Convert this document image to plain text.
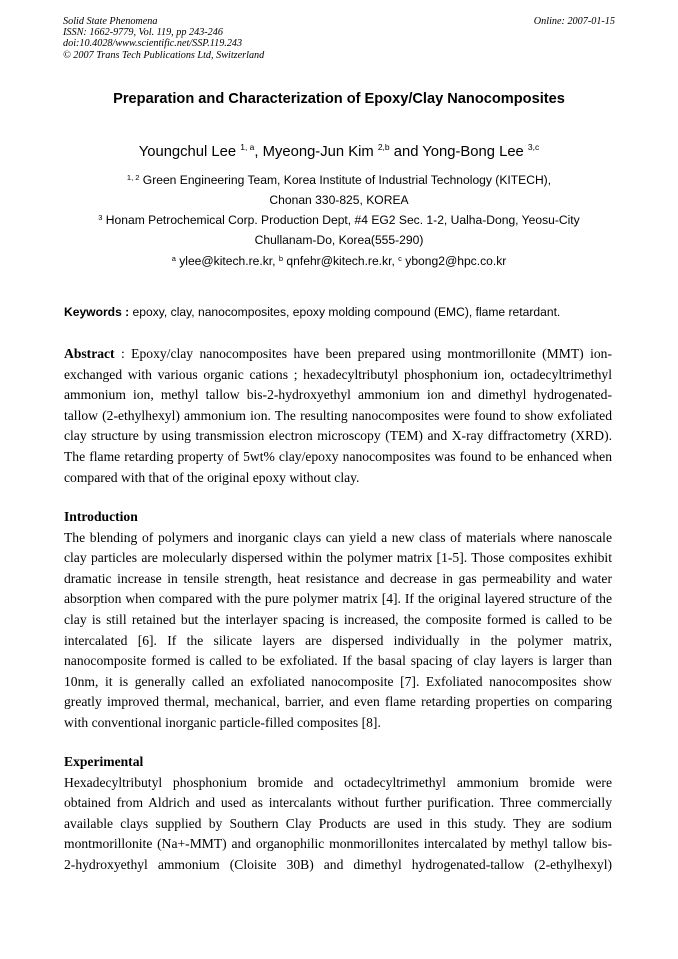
Solid State Phenomena
ISSN: 1662-9779, Vol. 119, pp 243-246
doi:10.4028/www.scientific.net/SSP.119.243
© 2007 Trans Tech Publications Ltd, Switzerland
Online: 2007-01-15
Preparation and Characterization of Epoxy/Clay Nanocomposites
Youngchul Lee $^{1, a}$, Myeong-Jun Kim $^{2,b}$ and Yong-Bong Lee $^{3,c}$
$^{1, 2}$ Green Engineering Team, Korea Institute of Industrial Technology (KITECH),
Chonan 330-825, KOREA
$^3$ Honam Petrochemical Corp. Production Dept, #4 EG2 Sec. 1-2, Ualha-Dong, Yeosu-City
Chullanam-Do, Korea(555-290)
$^a$ ylee@kitech.re.kr, $^b$ qnfehr@kitech.re.kr, $^c$ ybong2@hpc.co.kr
Keywords : epoxy, clay, nanocomposites, epoxy molding compound (EMC), flame retardant.
Abstract : Epoxy/clay nanocomposites have been prepared using montmorillonite (MMT) ion-
exchanged with various organic cations ; hexadecyltributyl phosphonium ion, octadecyltrimethyl
ammonium ion, methyl tallow bis-2-hydroxyethyl ammonium ion and dimethyl hydrogenated-
tallow (2-ethylhexyl) ammonium ion. The resulting nanocomposites were found to show exfoliated
clay structure by using transmission electron microscopy (TEM) and X-ray diffractometry (XRD).
The flame retarding property of 5wt% clay/epoxy nanocomposites was found to be enhanced when
compared with that of the original epoxy without clay.
Introduction
The blending of polymers and inorganic clays can yield a new class of materials where nanoscale
clay particles are molecularly dispersed within the polymer matrix [1-5]. Those composites exhibit
dramatic increase in tensile strength, heat resistance and decrease in gas permeability and water
absorption when compared with the pure polymer matrix [4]. If the original layered structure of the
clay is still retained but the interlayer spacing is increased, the composite formed is called to be
intercalated [6]. If the silicate layers are dispersed individually in the polymer matrix,
nanocomposite formed is called to be exfoliated. If the basal spacing of clay layers is larger than
10nm, it is generally called an exfoliated nanocomposite [7]. Exfoliated nanocomposites show
greatly improved thermal, mechanical, barrier, and even flame retarding properties on comparing
with conventional inorganic particle-filled composites [8].
Experimental
Hexadecyltributyl phosphonium bromide and octadecyltrimethyl ammonium bromide were
obtained from Aldrich and used as intercalants without further purification. Three commercially
available clays supplied by Southern Clay Products are used in this study. They are sodium
montmorillonite (Na+-MMT) and organophilic monmorillonites intercalated by methyl tallow bis-
2-hydroxyethyl ammonium (Cloisite 30B) and dimethyl hydrogenated-tallow (2-ethylhexyl)
